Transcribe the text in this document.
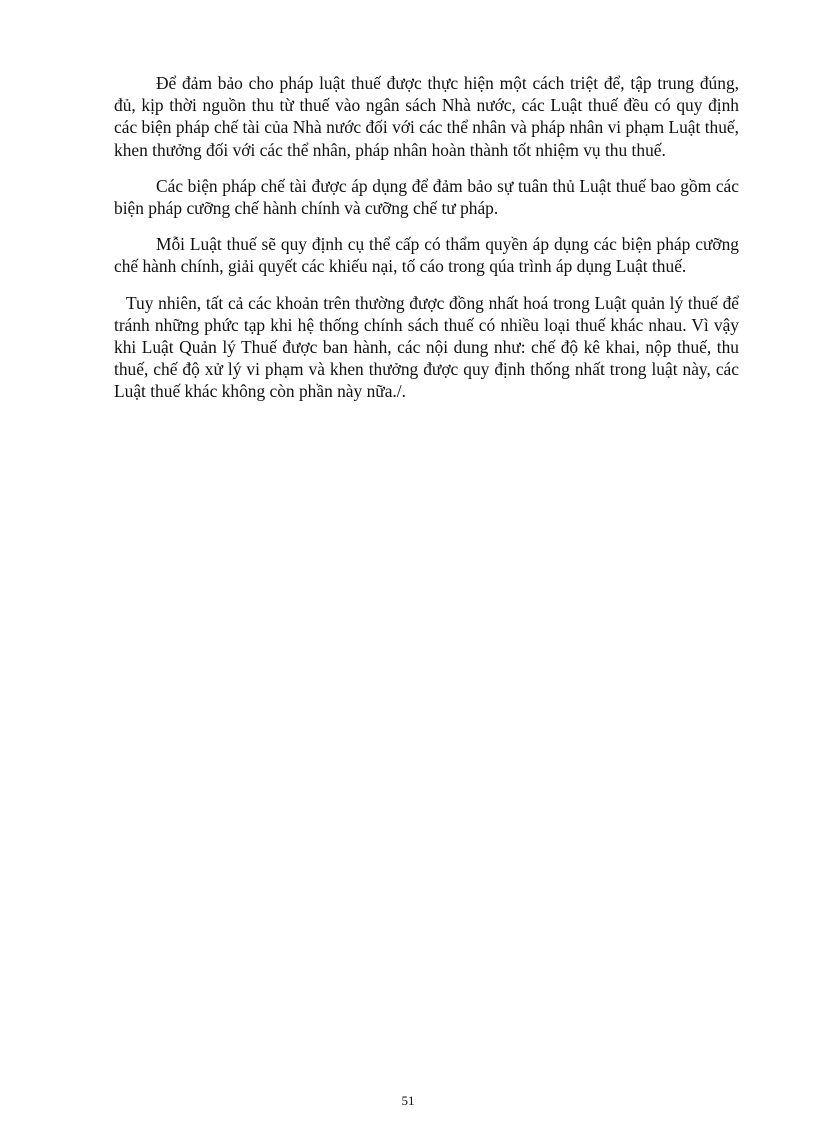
Để đảm bảo cho pháp luật thuế được thực hiện một cách triệt để, tập trung đúng, đủ, kịp thời nguồn thu từ thuế vào ngân sách Nhà nước, các Luật thuế đều có quy định các biện pháp chế tài của Nhà nước đối với các thể nhân và pháp nhân vi phạm Luật thuế, khen thưởng đối với các thể nhân, pháp nhân hoàn thành tốt nhiệm vụ thu thuế.

Các biện pháp chế tài được áp dụng để đảm bảo sự tuân thủ Luật thuế bao gồm các biện pháp cưỡng chế hành chính và cưỡng chế tư pháp.

Mỗi Luật thuế sẽ quy định cụ thể cấp có thẩm quyền áp dụng các biện pháp cưỡng chế hành chính, giải quyết các khiếu nại, tố cáo trong qúa trình áp dụng Luật thuế.

Tuy nhiên, tất cả các khoản trên thường được đồng nhất hoá trong Luật quản lý thuế để tránh những phức tạp khi hệ thống chính sách thuế có nhiều loại thuế khác nhau. Vì vậy khi Luật Quản lý Thuế được ban hành, các nội dung như: chế độ kê khai, nộp thuế, thu thuế, chế độ xử lý vi phạm và khen thưởng được quy định thống nhất trong luật này, các Luật thuế khác không còn phần này nữa./.

51
